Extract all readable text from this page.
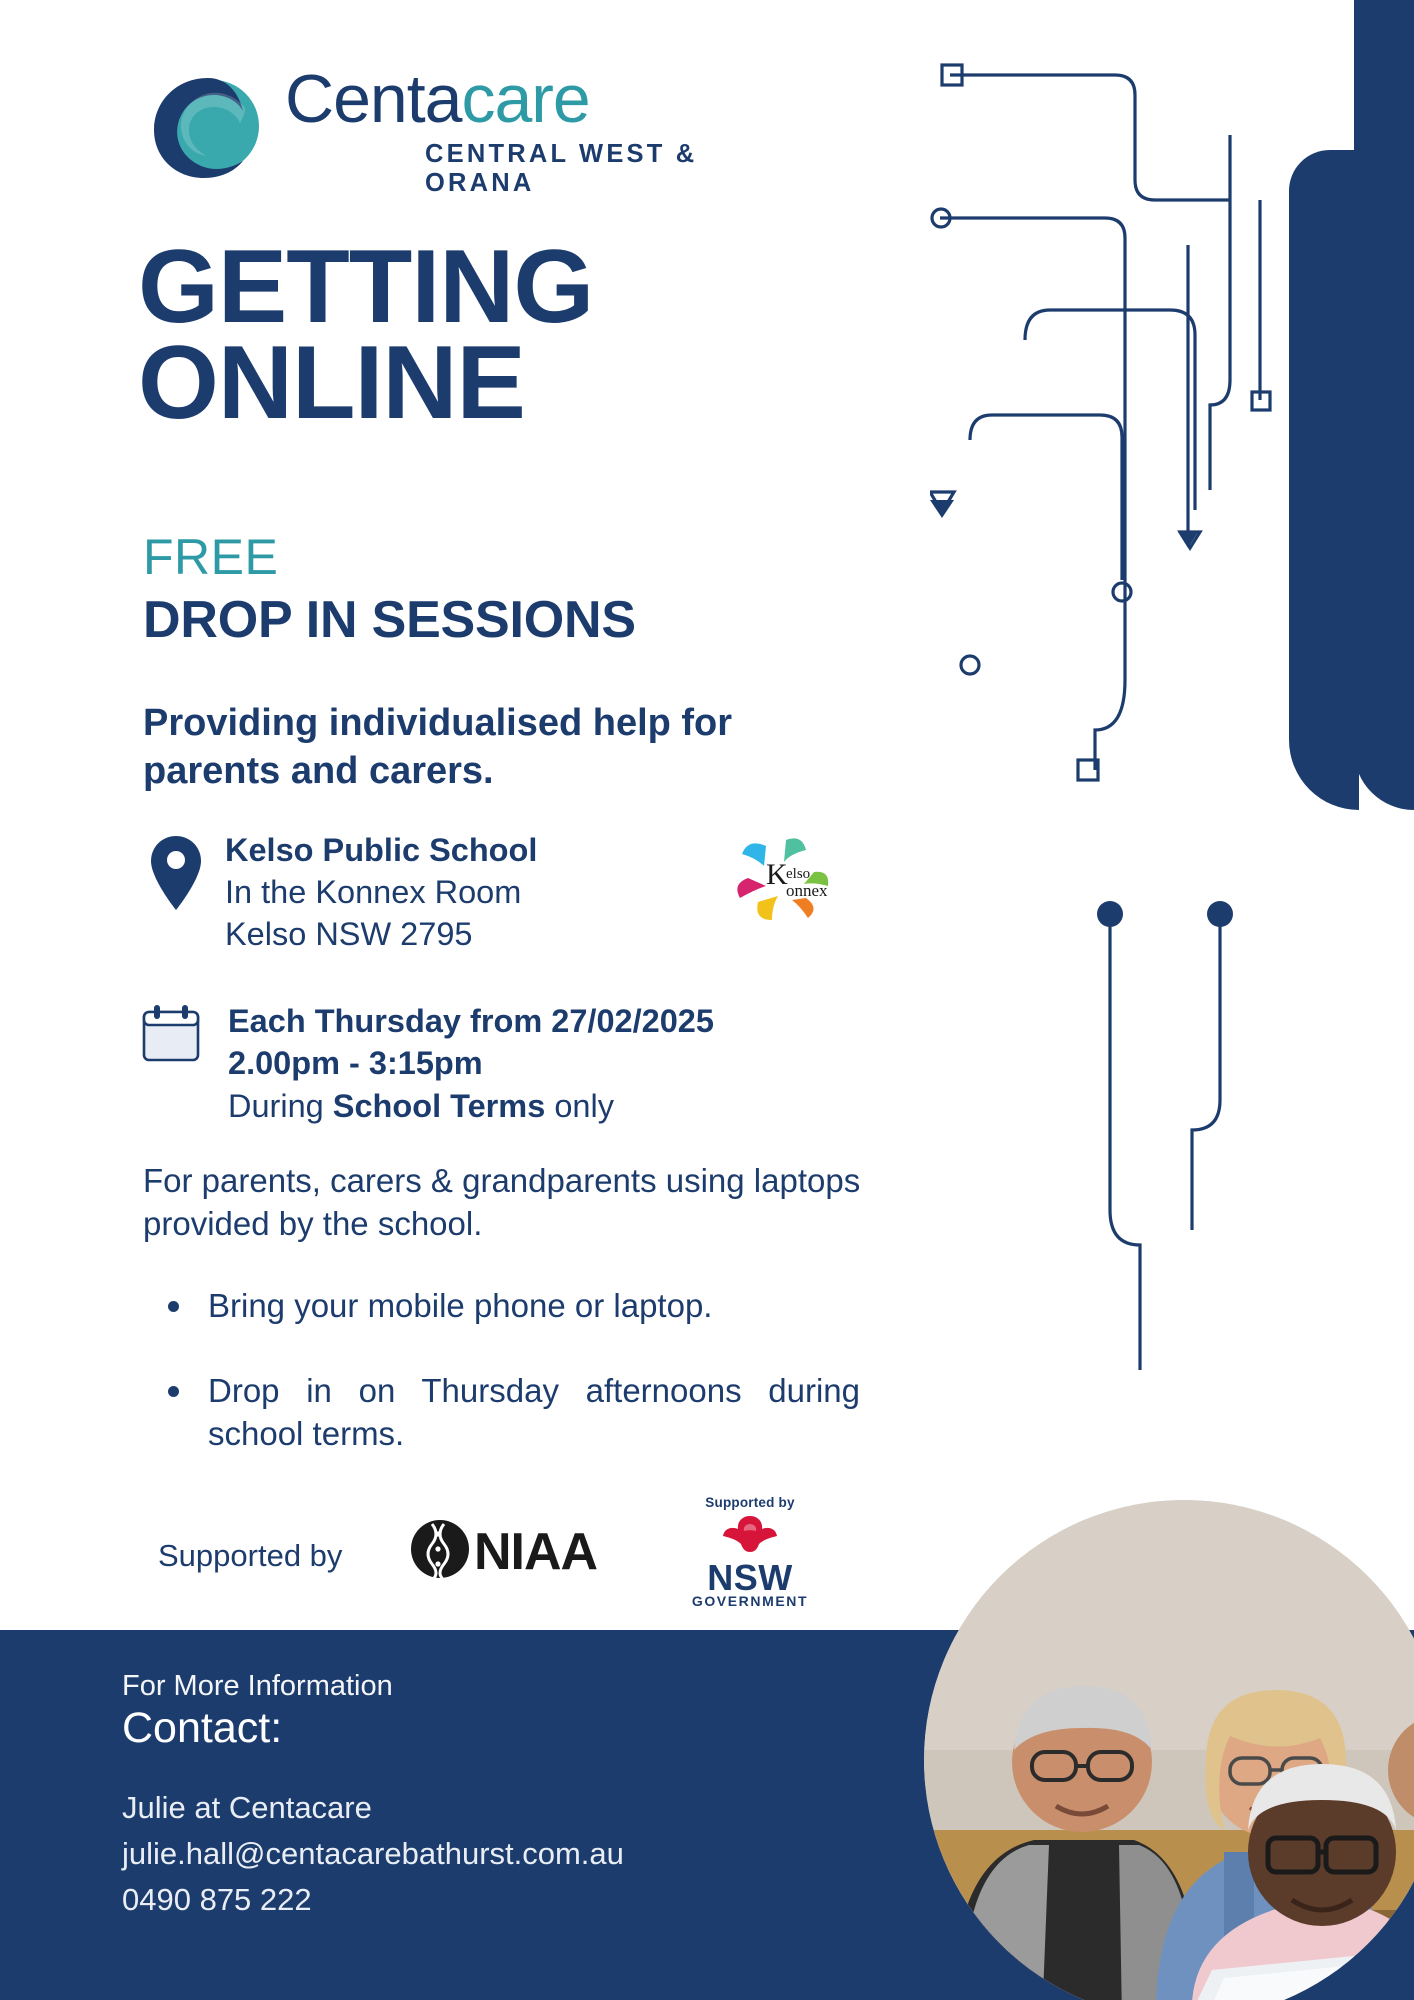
Centacare
CENTRAL WEST & ORANA
GETTING
ONLINE
FREE
DROP IN SESSIONS
Providing individualised help for parents and carers.
Kelso Public School
In the Konnex Room
Kelso NSW 2795
K
elso
onnex
Each Thursday from 27/02/2025
2.00pm - 3:15pm
During School Terms only
For parents, carers & grandparents using laptops provided by the school.
Bring your mobile phone or laptop.
Drop in on Thursday afternoons during school terms.
Supported by	NIAA
Supported by
NSW
GOVERNMENT
For More Information
Contact:
Julie at Centacare
julie.hall@centacarebathurst.com.au
0490 875 222
